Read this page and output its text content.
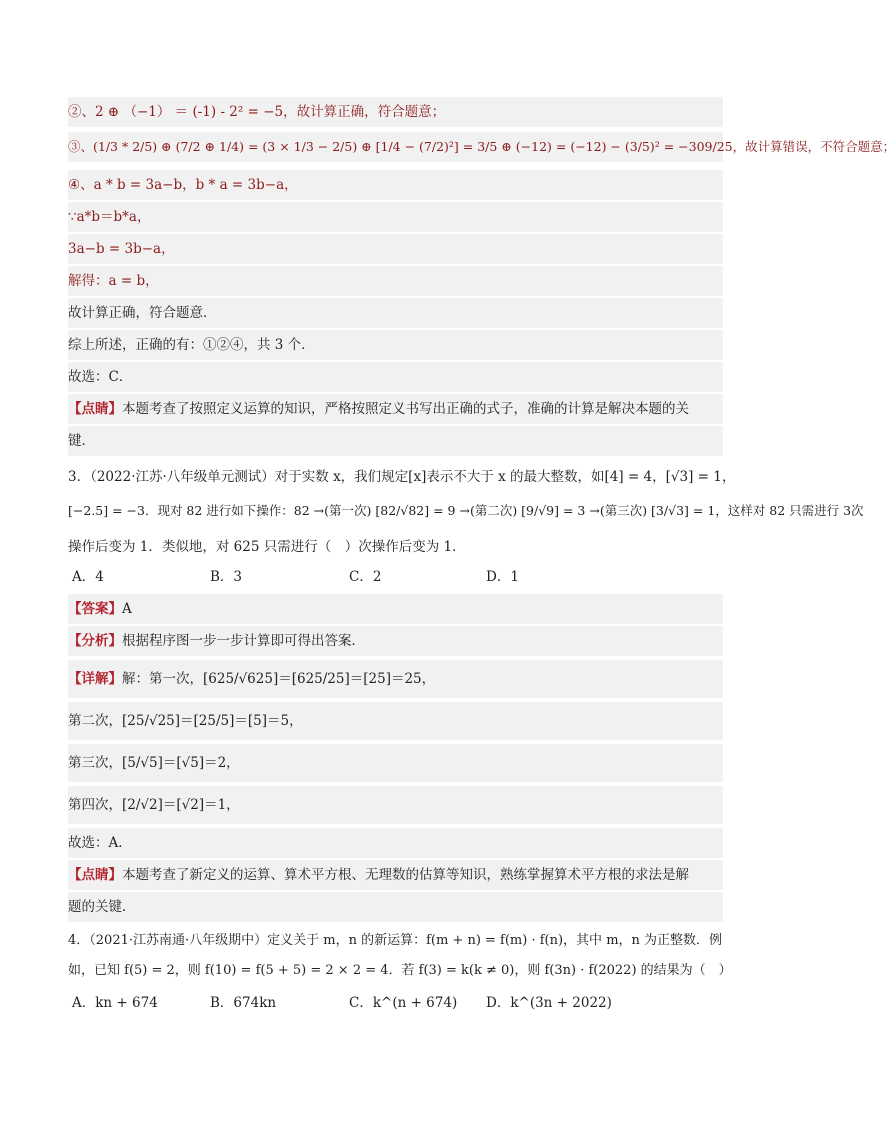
②、2 ⊕ （−1） ＝ (-1) - 2² = −5，故计算正确，符合题意；
③、(1/3 * 2/5) ⊕ (7/2 ⊕ 1/4) = (3 × 1/3 − 2/5) ⊕ [1/4 − (7/2)²] = 3/5 ⊕ (−12) = (−12) − (3/5)² = −309/25，故计算错误，不符合题意；
④、a * b = 3a−b，b * a = 3b−a，
∵a*b＝b*a，
3a−b = 3b−a，
解得：a = b，
故计算正确，符合题意．
综上所述，正确的有：①②④，共 3 个．
故选：C．
【点睛】本题考查了按照定义运算的知识，严格按照定义书写出正确的式子，准确的计算是解决本题的关
键．
3．（2022·江苏·八年级单元测试）对于实数 x，我们规定[x]表示不大于 x 的最大整数，如[4] = 4，[√3] = 1，
[−2.5] = −3．现对 82 进行如下操作：82 →(第一次) [82/√82] = 9 →(第二次) [9/√9] = 3 →(第三次) [3/√3] = 1，这样对 82 只需进行 3次
操作后变为 1．类似地，对 625 只需进行（　）次操作后变为 1．
A．4	B．3	C．2	D．1
【答案】A
【分析】根据程序图一步一步计算即可得出答案．
【详解】解：第一次，[625/√625]＝[625/25]＝[25]＝25，
第二次，[25/√25]＝[25/5]＝[5]＝5，
第三次，[5/√5]＝[√5]＝2，
第四次，[2/√2]＝[√2]＝1，
故选：A．
【点睛】本题考查了新定义的运算、算术平方根、无理数的估算等知识，熟练掌握算术平方根的求法是解
题的关键．
4．（2021·江苏南通·八年级期中）定义关于 m，n 的新运算：f(m + n) = f(m) · f(n)，其中 m，n 为正整数．例
如，已知 f(5) = 2，则 f(10) = f(5 + 5) = 2 × 2 = 4．若 f(3) = k(k ≠ 0)，则 f(3n) · f(2022) 的结果为（　）
A．kn + 674	B．674kn	C．k^(n + 674) D．k^(3n + 2022)
